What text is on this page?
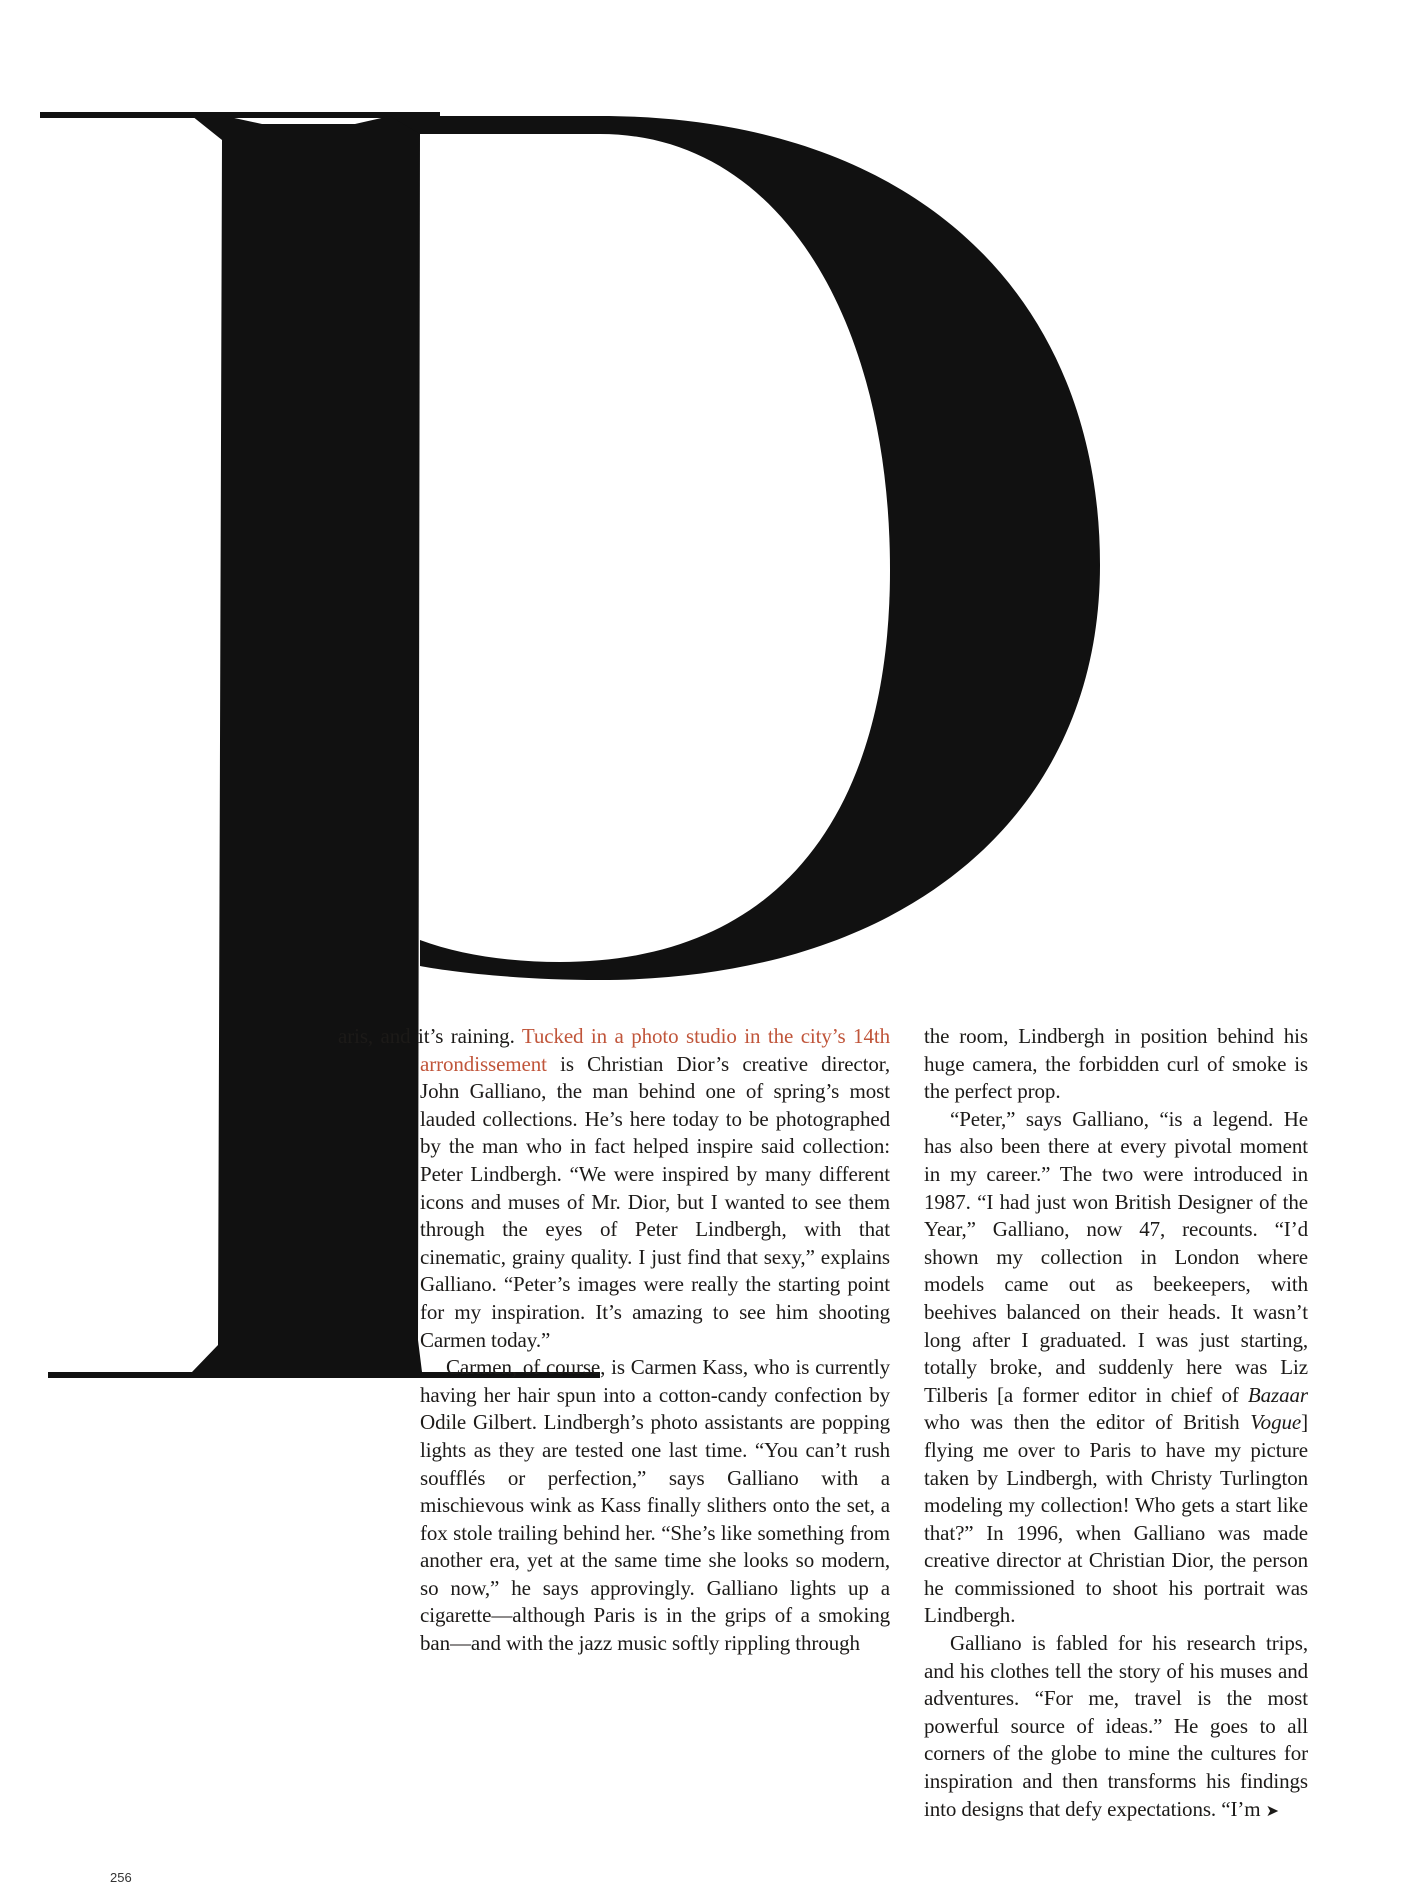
aris, and it’s raining. Tucked in a photo studio in the city’s 14th arrondissement is Christian Dior’s creative director, John Galliano, the man behind one of spring’s most lauded collections. He’s here today to be photographed by the man who in fact helped inspire said collection: Peter Lindbergh. “We were inspired by many different icons and muses of Mr. Dior, but I wanted to see them through the eyes of Peter Lindbergh, with that cinematic, grainy quality. I just find that sexy,” explains Galliano. “Peter’s images were really the starting point for my inspiration. It’s amazing to see him shooting Carmen today.”

Carmen, of course, is Carmen Kass, who is currently having her hair spun into a cotton-candy confection by Odile Gilbert. Lindbergh’s photo assistants are popping lights as they are tested one last time. “You can’t rush soufflés or perfection,” says Galliano with a mischievous wink as Kass finally slithers onto the set, a fox stole trailing behind her. “She’s like something from another era, yet at the same time she looks so modern, so now,” he says approvingly. Galliano lights up a cigarette—although Paris is in the grips of a smoking ban—and with the jazz music softly rippling through

the room, Lindbergh in position behind his huge camera, the forbidden curl of smoke is the perfect prop.

“Peter,” says Galliano, “is a legend. He has also been there at every pivotal moment in my career.” The two were introduced in 1987. “I had just won British Designer of the Year,” Galliano, now 47, recounts. “I’d shown my collection in London where models came out as beekeepers, with beehives balanced on their heads. It wasn’t long after I graduated. I was just starting, totally broke, and suddenly here was Liz Tilberis [a former editor in chief of Bazaar who was then the editor of British Vogue] flying me over to Paris to have my picture taken by Lindbergh, with Christy Turlington modeling my collection! Who gets a start like that?” In 1996, when Galliano was made creative director at Christian Dior, the person he commissioned to shoot his portrait was Lindbergh.

Galliano is fabled for his research trips, and his clothes tell the story of his muses and adventures. “For me, travel is the most powerful source of ideas.” He goes to all corners of the globe to mine the cultures for inspiration and then transforms his findings into designs that defy expectations. “I’m ➤

256
